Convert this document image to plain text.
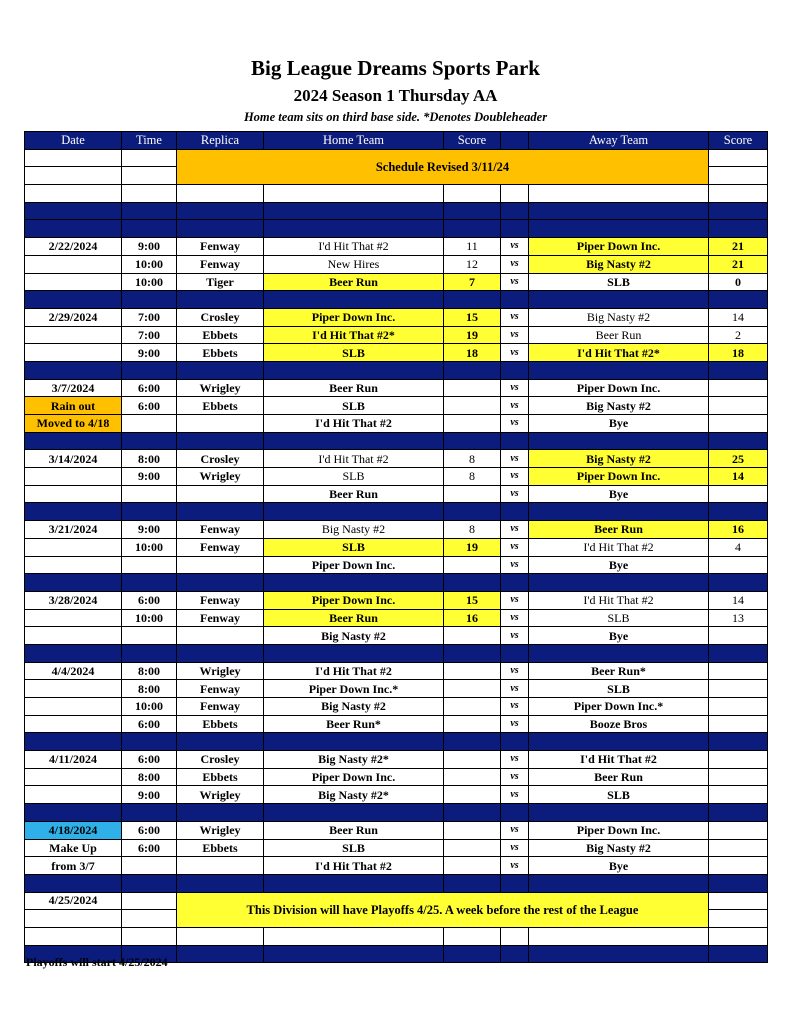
Big League Dreams Sports Park
2024 Season 1 Thursday AA
Home team sits on third base side. *Denotes Doubleheader
Date	Time	Replica	Home Team	Score		Away Team	Score
		Schedule Revised 3/11/24					

2/22/2024	9:00	Fenway	I'd Hit That #2	11	vs	Piper Down Inc.	21
	10:00	Fenway	New Hires	12	vs	Big Nasty #2	21
	10:00	Tiger	Beer Run	7	vs	SLB	0

2/29/2024	7:00	Crosley	Piper Down Inc.	15	vs	Big Nasty #2	14
	7:00	Ebbets	I'd Hit That #2*	19	vs	Beer Run	2
	9:00	Ebbets	SLB	18	vs	I'd Hit That #2*	18

3/7/2024	6:00	Wrigley	Beer Run		vs	Piper Down Inc.	
Rain out	6:00	Ebbets	SLB		vs	Big Nasty #2	
Moved to 4/18			I'd Hit That #2		vs	Bye	

3/14/2024	8:00	Crosley	I'd Hit That #2	8	vs	Big Nasty #2	25
	9:00	Wrigley	SLB	8	vs	Piper Down Inc.	14
			Beer Run		vs	Bye	

3/21/2024	9:00	Fenway	Big Nasty #2	8	vs	Beer Run	16
	10:00	Fenway	SLB	19	vs	I'd Hit That #2	4
			Piper Down Inc.		vs	Bye	

3/28/2024	6:00	Fenway	Piper Down Inc.	15	vs	I'd Hit That #2	14
	10:00	Fenway	Beer Run	16	vs	SLB	13
			Big Nasty #2		vs	Bye	

4/4/2024	8:00	Wrigley	I'd Hit That #2		vs	Beer Run*	
	8:00	Fenway	Piper Down Inc.*		vs	SLB	
	10:00	Fenway	Big Nasty #2		vs	Piper Down Inc.*	
	6:00	Ebbets	Beer Run*		vs	Booze Bros	

4/11/2024	6:00	Crosley	Big Nasty #2*		vs	I'd Hit That #2	
	8:00	Ebbets	Piper Down Inc.		vs	Beer Run	
	9:00	Wrigley	Big Nasty #2*		vs	SLB	

4/18/2024	6:00	Wrigley	Beer Run		vs	Piper Down Inc.	
Make Up	6:00	Ebbets	SLB		vs	Big Nasty #2	
from 3/7			I'd Hit That #2		vs	Bye	

4/25/2024		This Division will have Playoffs 4/25. A week before the rest of the League					

Playoffs will start 4/25/2024
